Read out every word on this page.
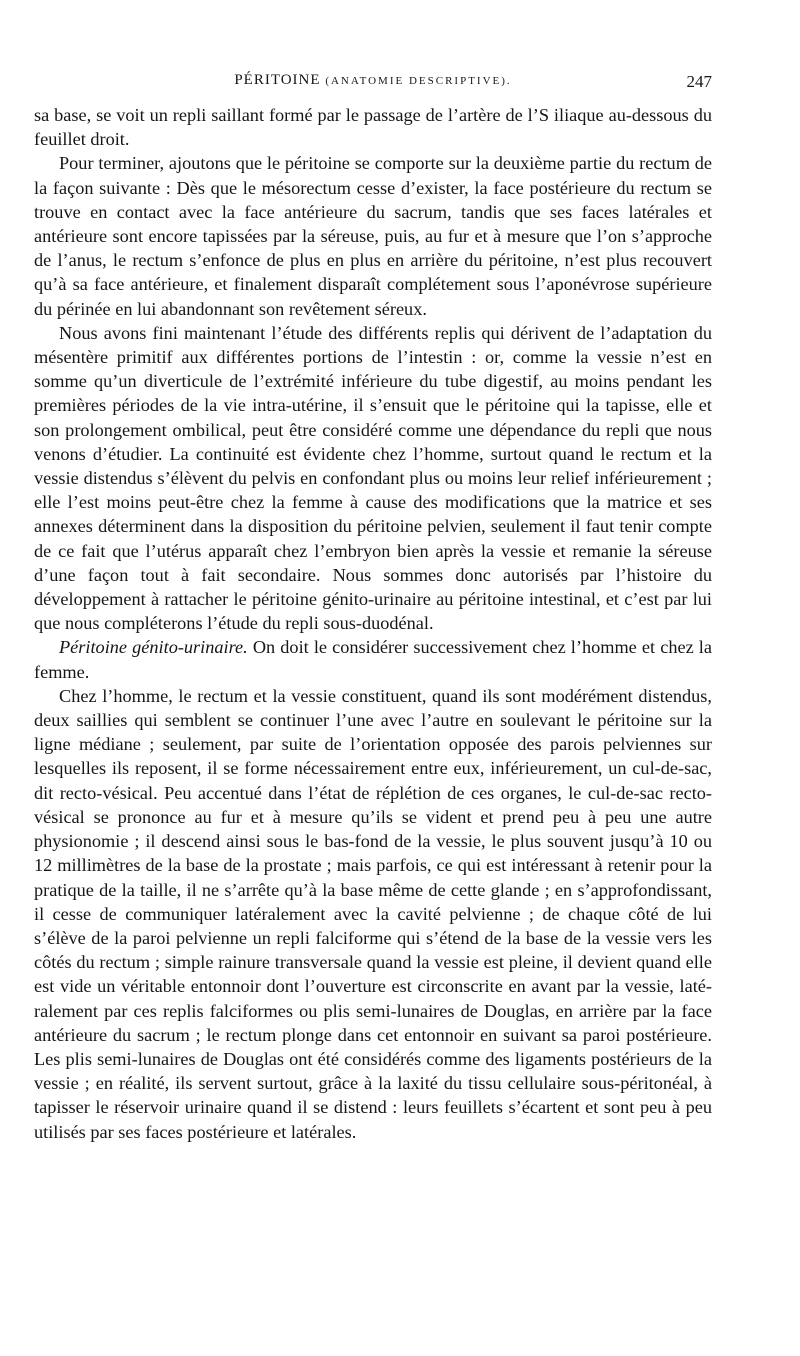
PÉRITOINE (ANATOMIE DESCRIPTIVE).	247

sa base, se voit un repli saillant formé par le passage de l’artère de l’S iliaque au-dessous du feuillet droit.

Pour terminer, ajoutons que le péritoine se comporte sur la deuxième partie du rectum de la façon suivante : Dès que le mésorectum cesse d’exister, la face postérieure du rectum se trouve en contact avec la face antérieure du sacrum, tandis que ses faces latérales et antérieure sont encore tapissées par la séreuse, puis, au fur et à mesure que l’on s’approche de l’anus, le rectum s’enfonce de plus en plus en arrière du péritoine, n’est plus recouvert qu’à sa face antérieure, et finalement disparaît complétement sous l’aponévrose supérieure du périnée en lui abandonnant son revêtement séreux.

Nous avons fini maintenant l’étude des différents replis qui dérivent de l’adaptation du mésentère primitif aux différentes portions de l’intestin : or, comme la vessie n’est en somme qu’un diverticule de l’extrémité inférieure du tube digestif, au moins pendant les premières périodes de la vie intra-utérine, il s’ensuit que le péritoine qui la tapisse, elle et son prolongement ombilical, peut être considéré comme une dépendance du repli que nous venons d’étudier. La continuité est évidente chez l’homme, surtout quand le rectum et la vessie distendus s’élèvent du pelvis en confondant plus ou moins leur relief inférieurement ; elle l’est moins peut-être chez la femme à cause des modifications que la matrice et ses annexes déterminent dans la disposition du péritoine pelvien, seulement il faut tenir compte de ce fait que l’utérus apparaît chez l’embryon bien après la vessie et remanie la séreuse d’une façon tout à fait secondaire. Nous sommes donc autorisés par l’histoire du développement à rattacher le péritoine génito-urinaire au péritoine intestinal, et c’est par lui que nous compléterons l’étude du repli sous-duodénal.

Péritoine génito-urinaire. On doit le considérer successivement chez l’homme et chez la femme.

Chez l’homme, le rectum et la vessie constituent, quand ils sont modérément distendus, deux saillies qui semblent se continuer l’une avec l’autre en soulevant le péritoine sur la ligne médiane ; seulement, par suite de l’orientation opposée des parois pelviennes sur lesquelles ils reposent, il se forme nécessairement entre eux, inférieurement, un cul-de-sac, dit recto-vésical. Peu accentué dans l’état de réplétion de ces organes, le cul-de-sac recto-vésical se prononce au fur et à mesure qu’ils se vident et prend peu à peu une autre physionomie ; il descend ainsi sous le bas-fond de la vessie, le plus souvent jusqu’à 10 ou 12 millimètres de la base de la prostate ; mais parfois, ce qui est intéressant à retenir pour la pratique de la taille, il ne s’arrête qu’à la base même de cette glande ; en s’approfondissant, il cesse de communiquer latéralement avec la cavité pelvienne ; de chaque côté de lui s’élève de la paroi pelvienne un repli falciforme qui s’étend de la base de la vessie vers les côtés du rectum ; simple rainure transversale quand la vessie est pleine, il devient quand elle est vide un véritable entonnoir dont l’ouverture est circonscrite en avant par la vessie, latéralement par ces replis falciformes ou plis semi-lunaires de Douglas, en arrière par la face antérieure du sacrum ; le rectum plonge dans cet entonnoir en suivant sa paroi postérieure. Les plis semi-lunaires de Douglas ont été considérés comme des ligaments postérieurs de la vessie ; en réalité, ils servent surtout, grâce à la laxité du tissu cellulaire sous-péritonéal, à tapisser le réservoir urinaire quand il se distend : leurs feuillets s’écartent et sont peu à peu utilisés par ses faces postérieure et latérales.
